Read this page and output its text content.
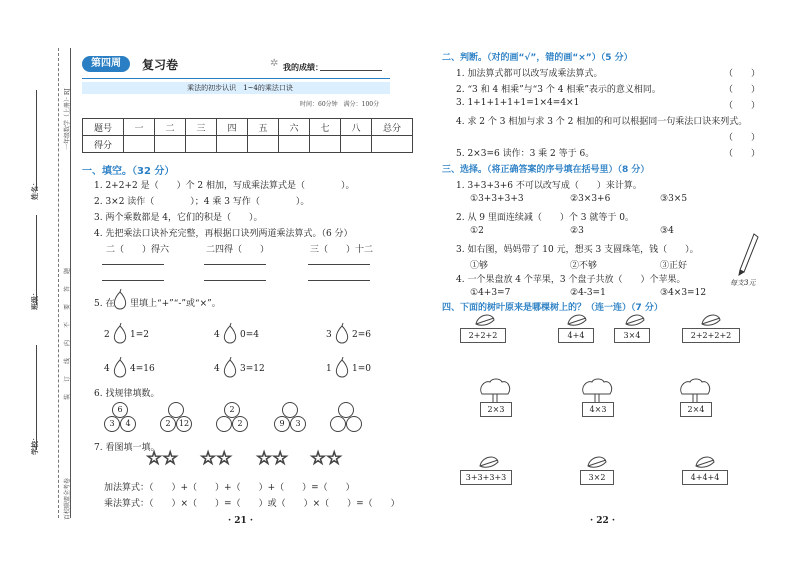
一年级数学（上册）· RJ
装　订　线　内　不　要　答　题
百校联盟全考卷
姓名：
班级：
学校：
第四周	复习卷	✲ 我的成绩：
乘法的初步认识　1~4的乘法口诀
时间：60分钟　满分：100分
题号	一	二	三	四	五	六	七	八	总分
得分									
一、填空。（32 分）
1. 2+2+2 是（　　）个 2 相加，写成乘法算式是（　　　　）。
2. 3×2 读作（　　　　）；4 乘 3 写作（　　　　）。
3. 两个乘数都是 4，它们的积是（　　）。
4. 先把乘法口诀补充完整，再根据口诀列两道乘法算式。（6 分）
二（　　）得六	二四得（　　）	三（　　）十二
5. 在 里填上“+”“-”或“×”。
2 1=2	4 0=4	3 2=6
4 4=16	4 3=12	1 1=0
6. 找规律填数。
6
3	4	2	12
2
2	9	3
7. 看图填一填。
☆☆ ☆☆ ☆☆ ☆☆
加法算式：（　　）+（　　）+（　　）+（　　）=（　　）
乘法算式：（　　）×（　　）=（　　）或（　　）×（　　）=（　　）
· 21 ·
二、判断。（对的画“√”，错的画“×”）（5 分）
1. 加法算式都可以改写成乘法算式。	（　　）
2. “3 和 4 相乘”与“3 个 4 相乘”表示的意义相同。	（　　）
3. 1+1+1+1+1=1×4=4×1	（　　）
4. 求 2 个 3 相加与求 3 个 2 相加的和可以根据同一句乘法口诀来列式。
（　　）
5. 2×3=6 读作：3 乘 2 等于 6。	（　　）
三、选择。（将正确答案的序号填在括号里）（8 分）
1. 3+3+3+6 不可以改写成（　　）来计算。
①3+3+3+3	②3×3+6	③3×5
2. 从 9 里面连续减（　　）个 3 就等于 0。
①2	②3	③4
3. 如右图，妈妈带了 10 元，想买 3 支圆珠笔，钱（　　）。
①够	②不够	③正好
4. 一个果盘放 4 个苹果，3 个盘子共放（　　）个苹果。
①4+3=7	②4-3=1	③4×3=12
每支3元
四、下面的树叶原来是哪棵树上的？（连一连）（7 分）
2+2+2	4+4	3×4	2+2+2+2
2×3	4×3	2×4
3+3+3+3	3×2	4+4+4
· 22 ·
